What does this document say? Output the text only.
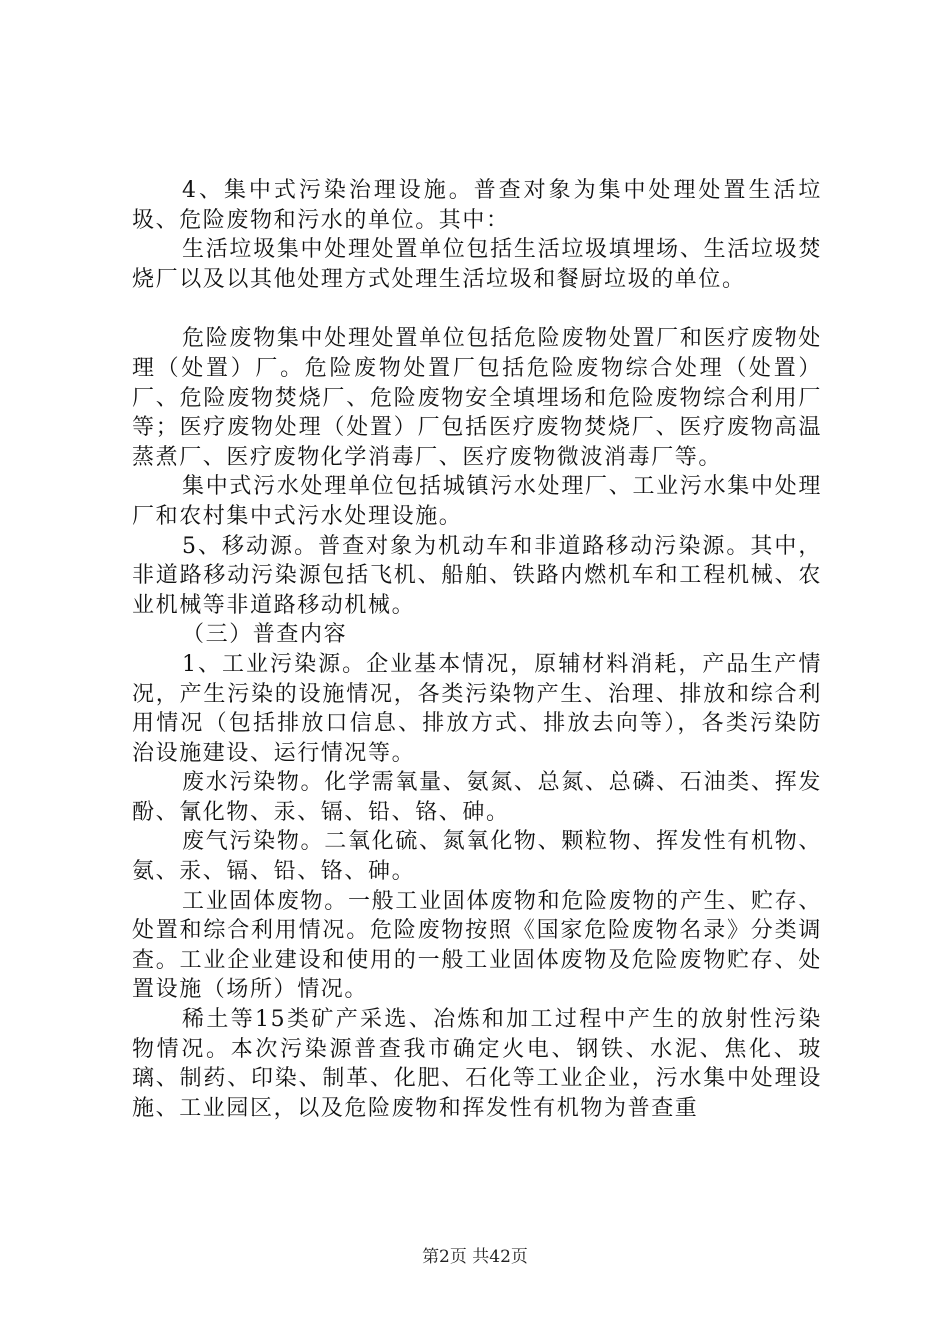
4、集中式污染治理设施。普查对象为集中处理处置生活垃圾、危险废物和污水的单位。其中：

生活垃圾集中处理处置单位包括生活垃圾填埋场、生活垃圾焚烧厂以及以其他处理方式处理生活垃圾和餐厨垃圾的单位。

危险废物集中处理处置单位包括危险废物处置厂和医疗废物处理（处置）厂。危险废物处置厂包括危险废物综合处理（处置）厂、危险废物焚烧厂、危险废物安全填埋场和危险废物综合利用厂等；医疗废物处理（处置）厂包括医疗废物焚烧厂、医疗废物高温蒸煮厂、医疗废物化学消毒厂、医疗废物微波消毒厂等。

集中式污水处理单位包括城镇污水处理厂、工业污水集中处理厂和农村集中式污水处理设施。

5、移动源。普查对象为机动车和非道路移动污染源。其中，非道路移动污染源包括飞机、船舶、铁路内燃机车和工程机械、农业机械等非道路移动机械。

（三）普查内容

1、工业污染源。企业基本情况，原辅材料消耗，产品生产情况，产生污染的设施情况，各类污染物产生、治理、排放和综合利用情况（包括排放口信息、排放方式、排放去向等），各类污染防治设施建设、运行情况等。

废水污染物。化学需氧量、氨氮、总氮、总磷、石油类、挥发酚、氰化物、汞、镉、铅、铬、砷。

废气污染物。二氧化硫、氮氧化物、颗粒物、挥发性有机物、氨、汞、镉、铅、铬、砷。

工业固体废物。一般工业固体废物和危险废物的产生、贮存、处置和综合利用情况。危险废物按照《国家危险废物名录》分类调查。工业企业建设和使用的一般工业固体废物及危险废物贮存、处置设施（场所）情况。

稀土等15类矿产采选、冶炼和加工过程中产生的放射性污染物情况。本次污染源普查我市确定火电、钢铁、水泥、焦化、玻璃、制药、印染、制革、化肥、石化等工业企业，污水集中处理设施、工业园区，以及危险废物和挥发性有机物为普查重

第2页 共42页
